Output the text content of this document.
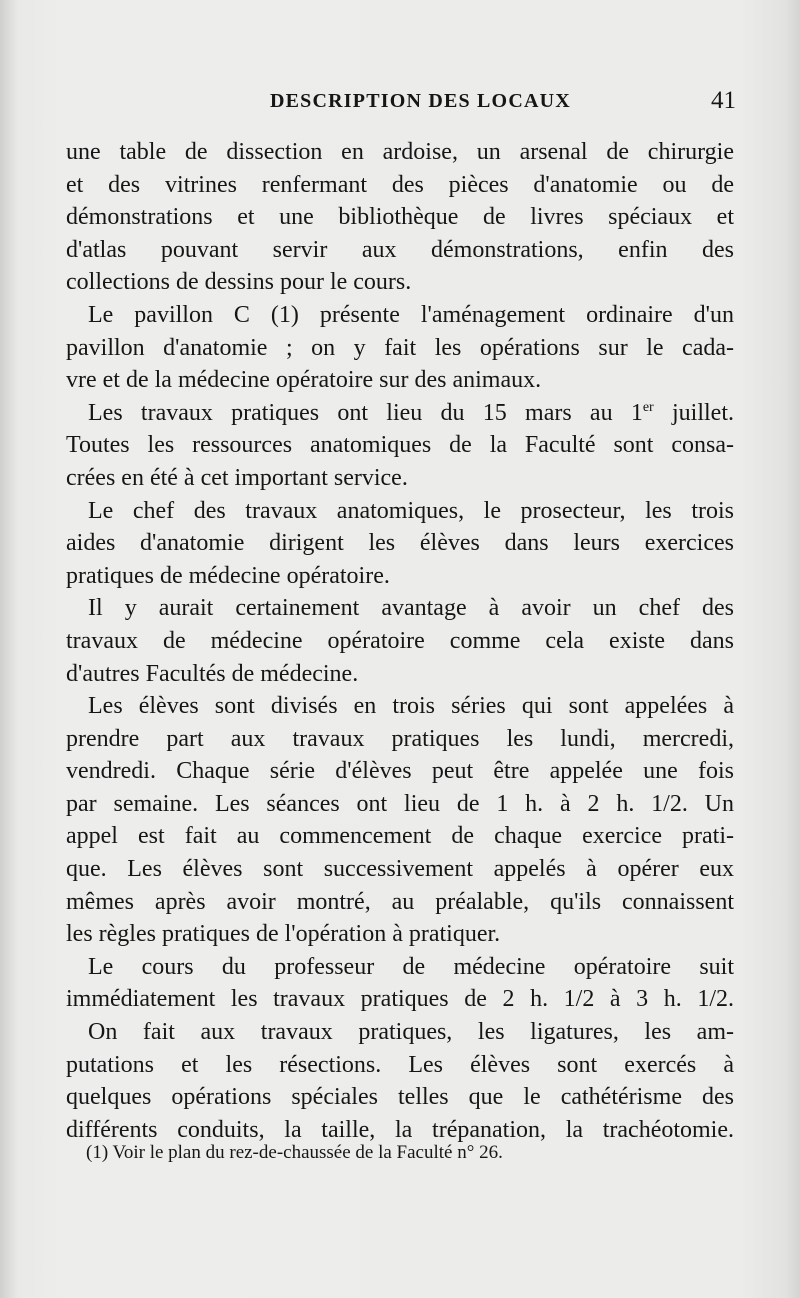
DESCRIPTION DES LOCAUX	41
une table de dissection en ardoise, un arsenal de chirurgie
et des vitrines renfermant des pièces d'anatomie ou de
démonstrations et une bibliothèque de livres spéciaux et
d'atlas pouvant servir aux démonstrations, enfin des
collections de dessins pour le cours.
Le pavillon C (1) présente l'aménagement ordinaire d'un
pavillon d'anatomie ; on y fait les opérations sur le cada-
vre et de la médecine opératoire sur des animaux.
Les travaux pratiques ont lieu du 15 mars au 1er juillet.
Toutes les ressources anatomiques de la Faculté sont consa-
crées en été à cet important service.
Le chef des travaux anatomiques, le prosecteur, les trois
aides d'anatomie dirigent les élèves dans leurs exercices
pratiques de médecine opératoire.
Il y aurait certainement avantage à avoir un chef des
travaux de médecine opératoire comme cela existe dans
d'autres Facultés de médecine.
Les élèves sont divisés en trois séries qui sont appelées à
prendre part aux travaux pratiques les lundi, mercredi,
vendredi. Chaque série d'élèves peut être appelée une fois
par semaine. Les séances ont lieu de 1 h. à 2 h. 1/2. Un
appel est fait au commencement de chaque exercice prati-
que. Les élèves sont successivement appelés à opérer eux
mêmes après avoir montré, au préalable, qu'ils connaissent
les règles pratiques de l'opération à pratiquer.
Le cours du professeur de médecine opératoire suit
immédiatement les travaux pratiques de 2 h. 1/2 à 3 h. 1/2.
On fait aux travaux pratiques, les ligatures, les am-
putations et les résections. Les élèves sont exercés à
quelques opérations spéciales telles que le cathétérisme des
différents conduits, la taille, la trépanation, la trachéotomie.
(1) Voir le plan du rez-de-chaussée de la Faculté n° 26.
